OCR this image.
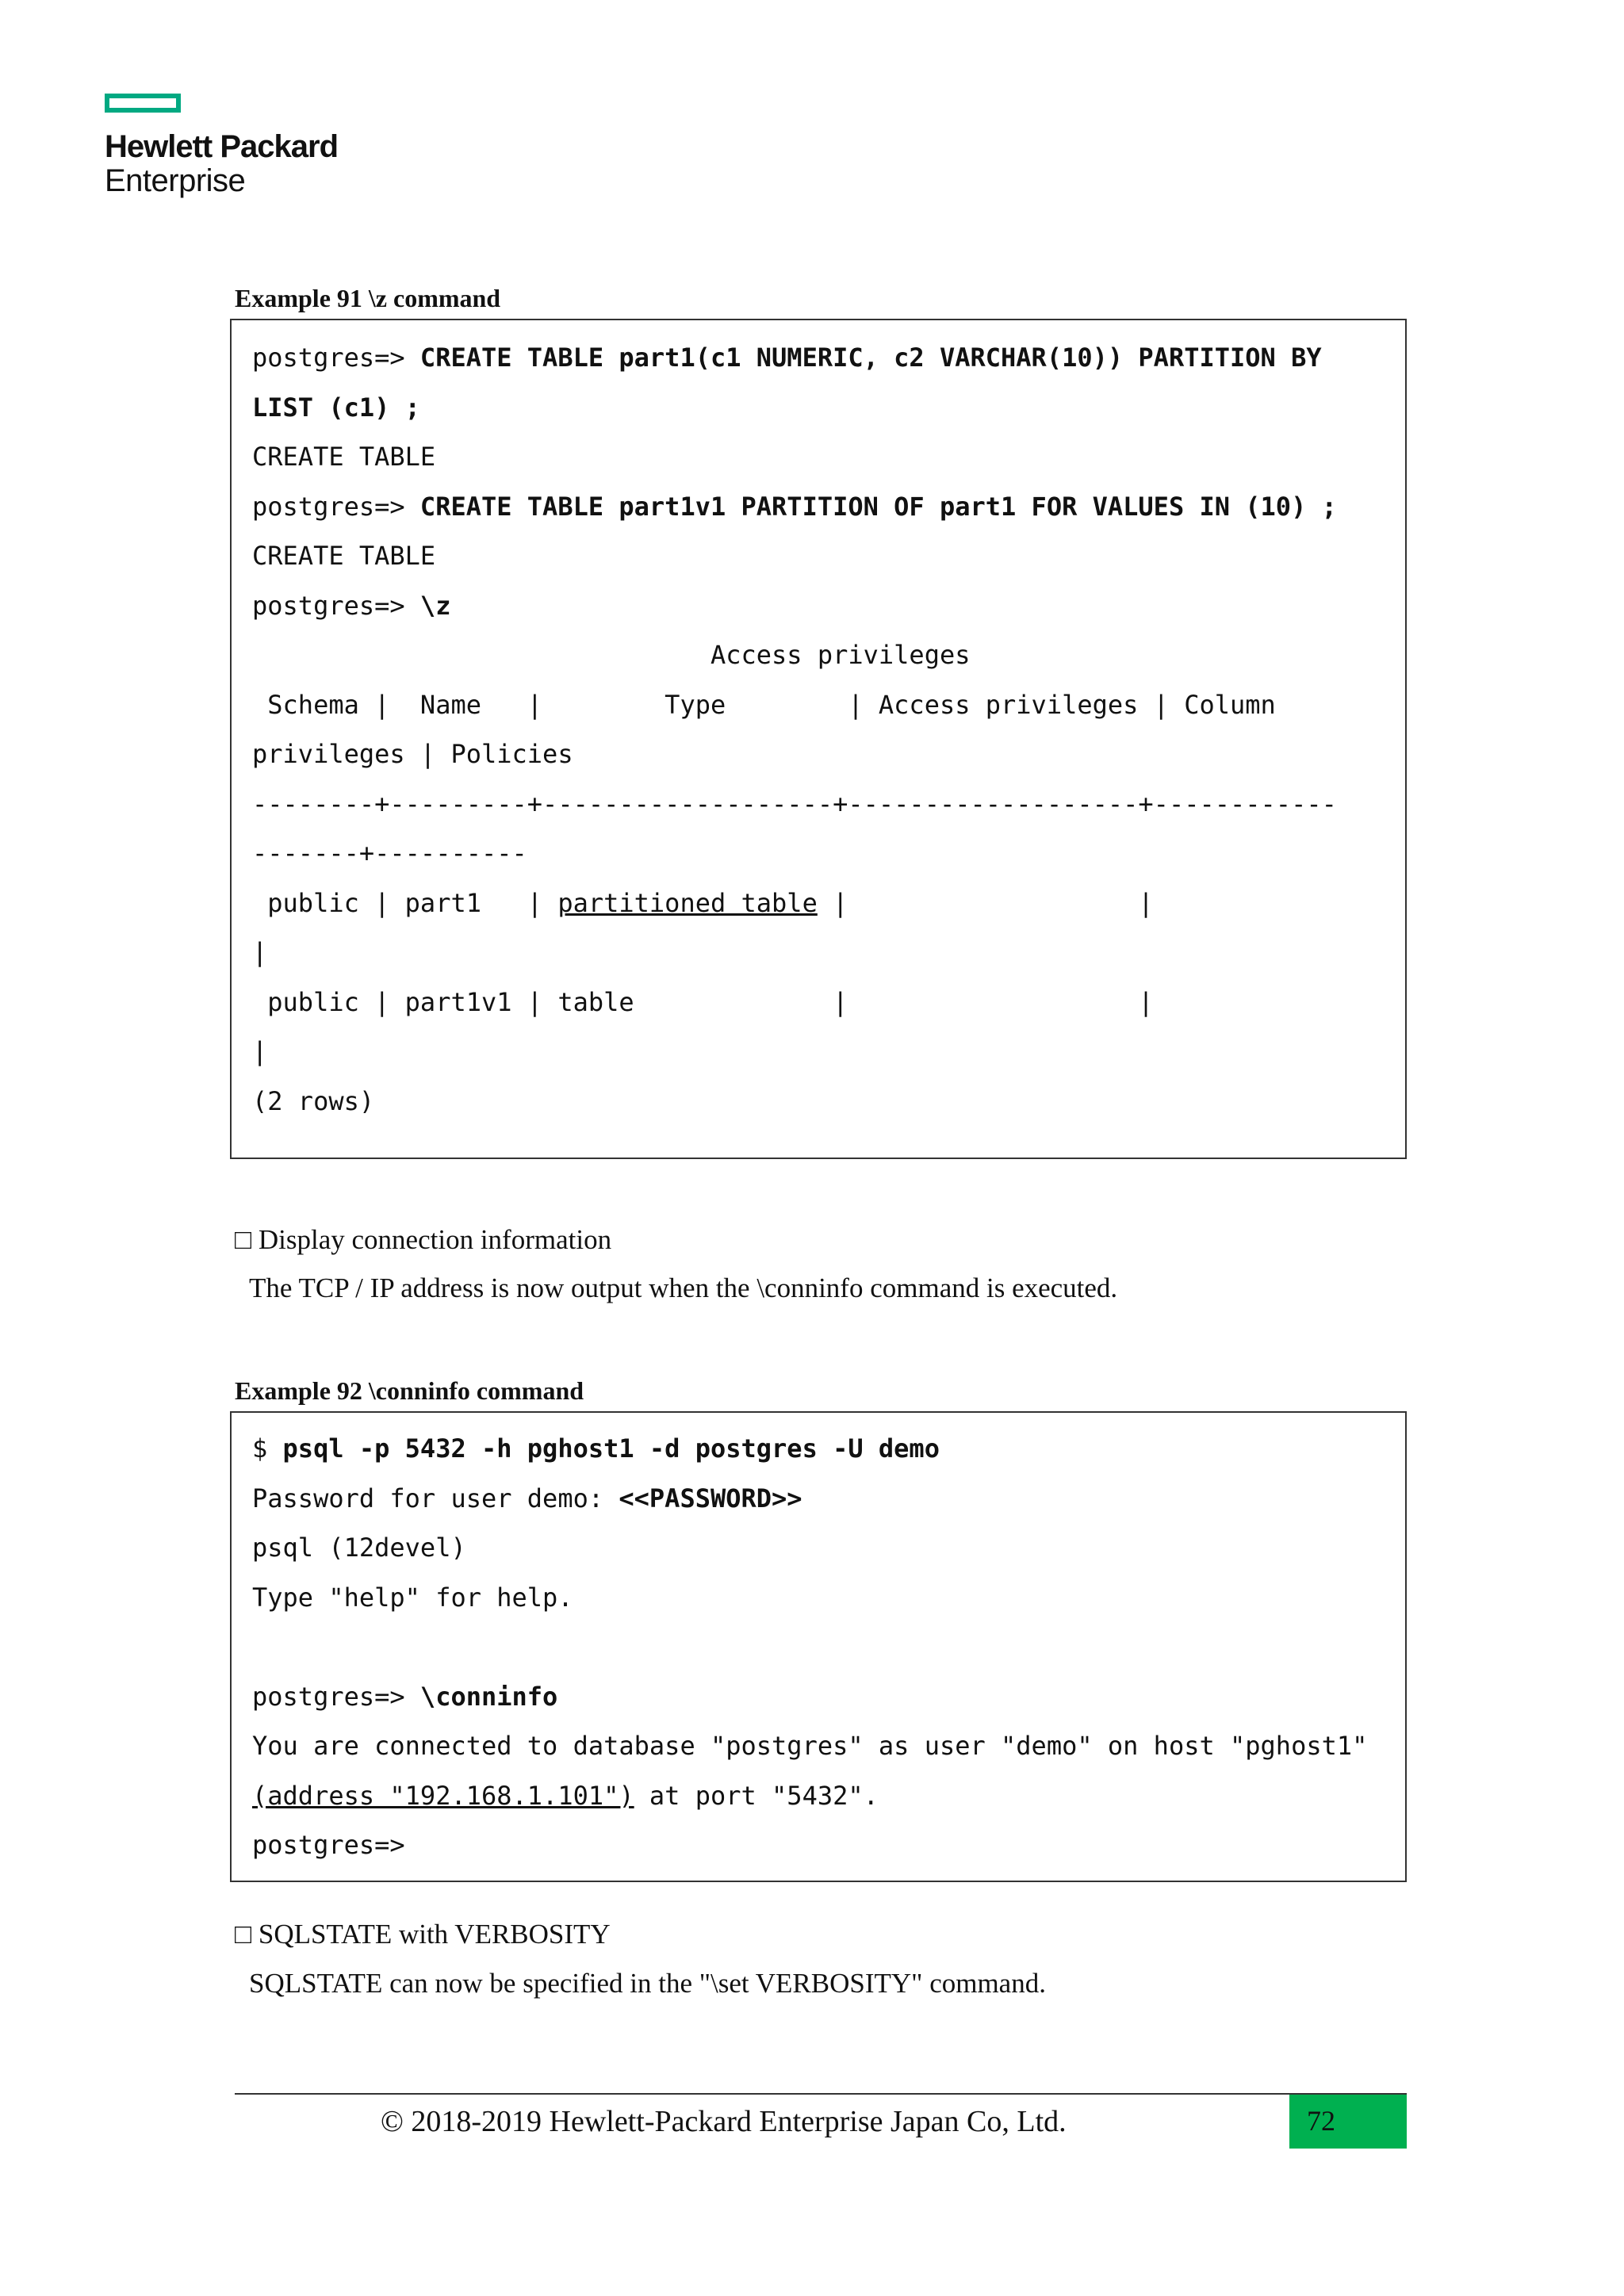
Hewlett Packard
Enterprise
Example 91 \z command
postgres=> CREATE TABLE part1(c1 NUMERIC, c2 VARCHAR(10)) PARTITION BY
LIST (c1) ;
CREATE TABLE
postgres=> CREATE TABLE part1v1 PARTITION OF part1 FOR VALUES IN (10) ;
CREATE TABLE
postgres=> \z
Access privileges
Schema |  Name   |        Type        | Access privileges | Column
privileges | Policies
--------+---------+-------------------+-------------------+------------
-------+----------
public | part1   | partitioned table |                   |
|
public | part1v1 | table             |                   |
|
(2 rows)
□ Display connection information
The TCP / IP address is now output when the \conninfo command is executed.
Example 92 \conninfo command
$ psql -p 5432 -h pghost1 -d postgres -U demo
Password for user demo: <<PASSWORD>>
psql (12devel)
Type "help" for help.

postgres=> \conninfo
You are connected to database "postgres" as user "demo" on host "pghost1"
(address "192.168.1.101") at port "5432".
postgres=>
□ SQLSTATE with VERBOSITY
SQLSTATE can now be specified in the "\set VERBOSITY" command.
© 2018-2019 Hewlett-Packard Enterprise Japan Co, Ltd.	72
